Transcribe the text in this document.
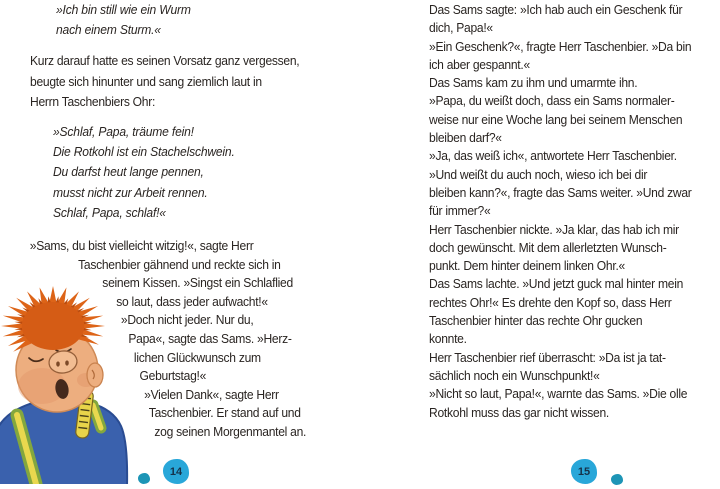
»Ich bin still wie ein Wurm
nach einem Sturm.«
Kurz darauf hatte es seinen Vorsatz ganz vergessen,
beugte sich hinunter und sang ziemlich laut in
Herrn Taschenbiers Ohr:
»Schlaf, Papa, träume fein!
Die Rotkohl ist ein Stachelschwein.
Du darfst heut lange pennen,
musst nicht zur Arbeit rennen.
Schlaf, Papa, schlaf!«
»Sams, du bist vielleicht witzig!«, sagte Herr
Taschenbier gähnend und reckte sich in
seinem Kissen. »Singst ein Schlaflied
so laut, dass jeder aufwacht!«
»Doch nicht jeder. Nur du,
Papa«, sagte das Sams. »Herz-
lichen Glückwunsch zum
Geburtstag!«
»Vielen Dank«, sagte Herr
Taschenbier. Er stand auf und
zog seinen Morgenmantel an.
14
Das Sams sagte: »Ich hab auch ein Geschenk für
dich, Papa!«
»Ein Geschenk?«, fragte Herr Taschenbier. »Da bin
ich aber gespannt.«
Das Sams kam zu ihm und umarmte ihn.
»Papa, du weißt doch, dass ein Sams normaler-
weise nur eine Woche lang bei seinem Menschen
bleiben darf?«
»Ja, das weiß ich«, antwortete Herr Taschenbier.
»Und weißt du auch noch, wieso ich bei dir
bleiben kann?«, fragte das Sams weiter. »Und zwar
für immer?«
Herr Taschenbier nickte. »Ja klar, das hab ich mir
doch gewünscht. Mit dem allerletzten Wunsch-
punkt. Dem hinter deinem linken Ohr.«
Das Sams lachte. »Und jetzt guck mal hinter mein
rechtes Ohr!« Es drehte den Kopf so, dass Herr
Taschenbier hinter das rechte Ohr gucken
konnte.
Herr Taschenbier rief überrascht: »Da ist ja tat-
sächlich noch ein Wunschpunkt!«
»Nicht so laut, Papa!«, warnte das Sams. »Die olle
Rotkohl muss das gar nicht wissen.
15
